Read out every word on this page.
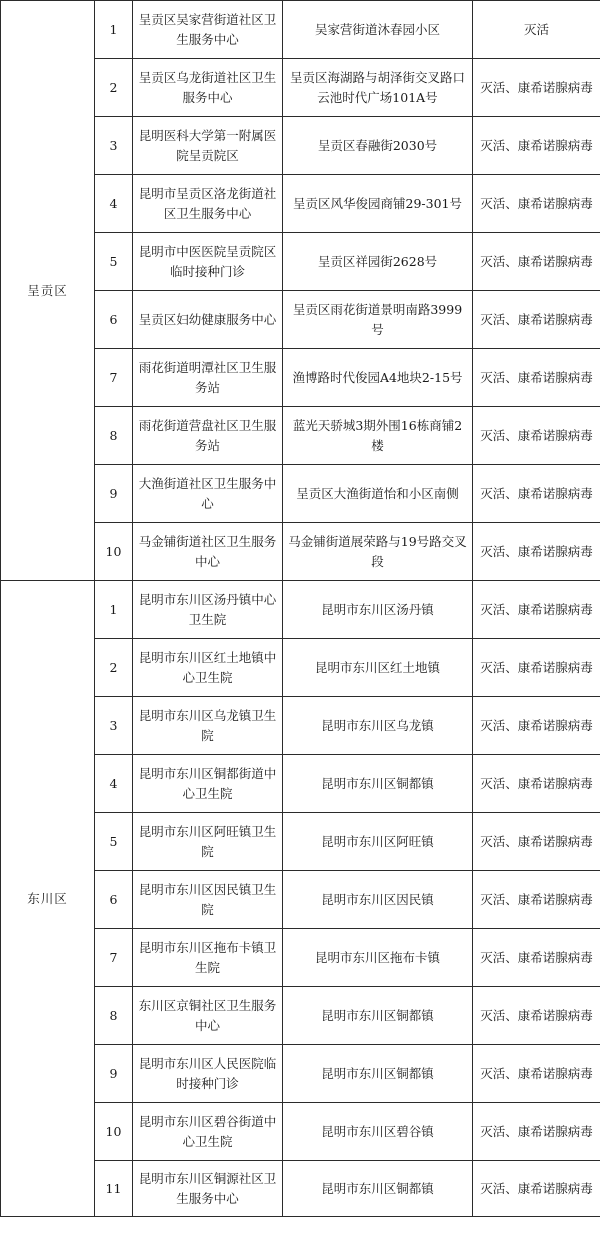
呈贡区	1	呈贡区吴家营街道社区卫生服务中心	吴家营街道沐春园小区	灭活
	2	呈贡区乌龙街道社区卫生服务中心	呈贡区海湖路与胡泽街交叉路口云池时代广场101A号	灭活、康希诺腺病毒
	3	昆明医科大学第一附属医院呈贡院区	呈贡区春融街2030号	灭活、康希诺腺病毒
	4	昆明市呈贡区洛龙街道社区卫生服务中心	呈贡区风华俊园商铺29-301号	灭活、康希诺腺病毒
	5	昆明市中医医院呈贡院区临时接种门诊	呈贡区祥园街2628号	灭活、康希诺腺病毒
	6	呈贡区妇幼健康服务中心	呈贡区雨花街道景明南路3999号	灭活、康希诺腺病毒
	7	雨花街道明潭社区卫生服务站	渔博路时代俊园A4地块2-15号	灭活、康希诺腺病毒
	8	雨花街道营盘社区卫生服务站	蓝光天骄城3期外围16栋商铺2楼	灭活、康希诺腺病毒
	9	大渔街道社区卫生服务中心	呈贡区大渔街道怡和小区南侧	灭活、康希诺腺病毒
	10	马金铺街道社区卫生服务中心	马金铺街道展荣路与19号路交叉段	灭活、康希诺腺病毒
东川区	1	昆明市东川区汤丹镇中心卫生院	昆明市东川区汤丹镇	灭活、康希诺腺病毒
	2	昆明市东川区红土地镇中心卫生院	昆明市东川区红土地镇	灭活、康希诺腺病毒
	3	昆明市东川区乌龙镇卫生院	昆明市东川区乌龙镇	灭活、康希诺腺病毒
	4	昆明市东川区铜都街道中心卫生院	昆明市东川区铜都镇	灭活、康希诺腺病毒
	5	昆明市东川区阿旺镇卫生院	昆明市东川区阿旺镇	灭活、康希诺腺病毒
	6	昆明市东川区因民镇卫生院	昆明市东川区因民镇	灭活、康希诺腺病毒
	7	昆明市东川区拖布卡镇卫生院	昆明市东川区拖布卡镇	灭活、康希诺腺病毒
	8	东川区京铜社区卫生服务中心	昆明市东川区铜都镇	灭活、康希诺腺病毒
	9	昆明市东川区人民医院临时接种门诊	昆明市东川区铜都镇	灭活、康希诺腺病毒
	10	昆明市东川区碧谷街道中心卫生院	昆明市东川区碧谷镇	灭活、康希诺腺病毒
	11	昆明市东川区铜源社区卫生服务中心	昆明市东川区铜都镇	灭活、康希诺腺病毒
